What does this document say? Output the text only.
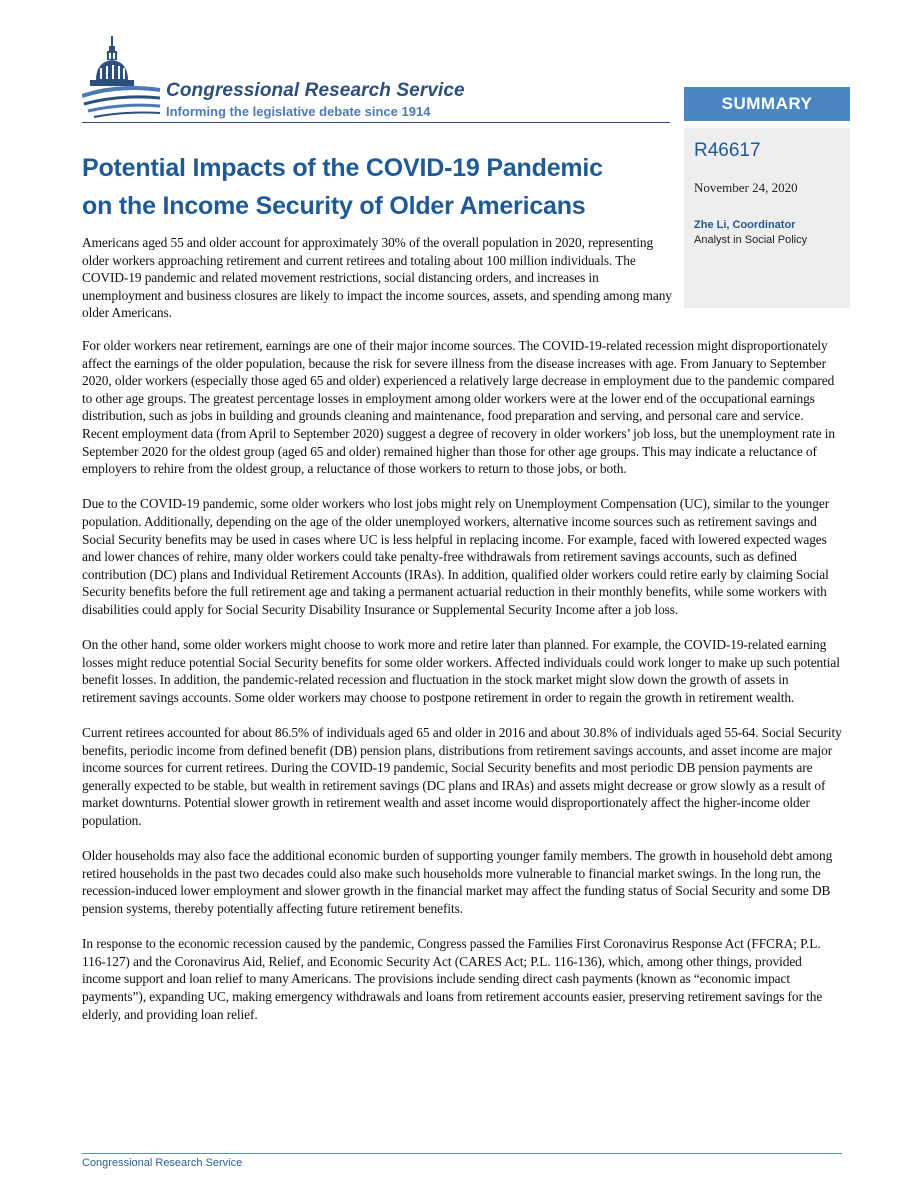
Congressional Research Service
Informing the legislative debate since 1914	SUMMARY
R46617
November 24, 2020
Zhe Li, Coordinator
Analyst in Social Policy
Potential Impacts of the COVID-19 Pandemic
on the Income Security of Older Americans

Americans aged 55 and older account for approximately 30% of the overall population in 2020, representing older workers approaching retirement and current retirees and totaling about 100 million individuals. The COVID-19 pandemic and related movement restrictions, social distancing orders, and increases in unemployment and business closures are likely to impact the income sources, assets, and spending among many older Americans.

For older workers near retirement, earnings are one of their major income sources. The COVID-19-related recession might disproportionately affect the earnings of the older population, because the risk for severe illness from the disease increases with age. From January to September 2020, older workers (especially those aged 65 and older) experienced a relatively large decrease in employment due to the pandemic compared to other age groups. The greatest percentage losses in employment among older workers were at the lower end of the occupational earnings distribution, such as jobs in building and grounds cleaning and maintenance, food preparation and serving, and personal care and service. Recent employment data (from April to September 2020) suggest a degree of recovery in older workers’ job loss, but the unemployment rate in September 2020 for the oldest group (aged 65 and older) remained higher than those for other age groups. This may indicate a reluctance of employers to rehire from the oldest group, a reluctance of those workers to return to those jobs, or both.

Due to the COVID-19 pandemic, some older workers who lost jobs might rely on Unemployment Compensation (UC), similar to the younger population. Additionally, depending on the age of the older unemployed workers, alternative income sources such as retirement savings and Social Security benefits may be used in cases where UC is less helpful in replacing income. For example, faced with lowered expected wages and lower chances of rehire, many older workers could take penalty-free withdrawals from retirement savings accounts, such as defined contribution (DC) plans and Individual Retirement Accounts (IRAs). In addition, qualified older workers could retire early by claiming Social Security benefits before the full retirement age and taking a permanent actuarial reduction in their monthly benefits, while some workers with disabilities could apply for Social Security Disability Insurance or Supplemental Security Income after a job loss.

On the other hand, some older workers might choose to work more and retire later than planned. For example, the COVID-19-related earning losses might reduce potential Social Security benefits for some older workers. Affected individuals could work longer to make up such potential benefit losses. In addition, the pandemic-related recession and fluctuation in the stock market might slow down the growth of assets in retirement savings accounts. Some older workers may choose to postpone retirement in order to regain the growth in retirement wealth.

Current retirees accounted for about 86.5% of individuals aged 65 and older in 2016 and about 30.8% of individuals aged 55-64. Social Security benefits, periodic income from defined benefit (DB) pension plans, distributions from retirement savings accounts, and asset income are major income sources for current retirees. During the COVID-19 pandemic, Social Security benefits and most periodic DB pension payments are generally expected to be stable, but wealth in retirement savings (DC plans and IRAs) and assets might decrease or grow slowly as a result of market downturns. Potential slower growth in retirement wealth and asset income would disproportionately affect the higher-income older population.

Older households may also face the additional economic burden of supporting younger family members. The growth in household debt among retired households in the past two decades could also make such households more vulnerable to financial market swings. In the long run, the recession-induced lower employment and slower growth in the financial market may affect the funding status of Social Security and some DB pension systems, thereby potentially affecting future retirement benefits.

In response to the economic recession caused by the pandemic, Congress passed the Families First Coronavirus Response Act (FFCRA; P.L. 116-127) and the Coronavirus Aid, Relief, and Economic Security Act (CARES Act; P.L. 116-136), which, among other things, provided income support and loan relief to many Americans. The provisions include sending direct cash payments (known as “economic impact payments”), expanding UC, making emergency withdrawals and loans from retirement accounts easier, preserving retirement savings for the elderly, and providing loan relief.

Congressional Research Service
